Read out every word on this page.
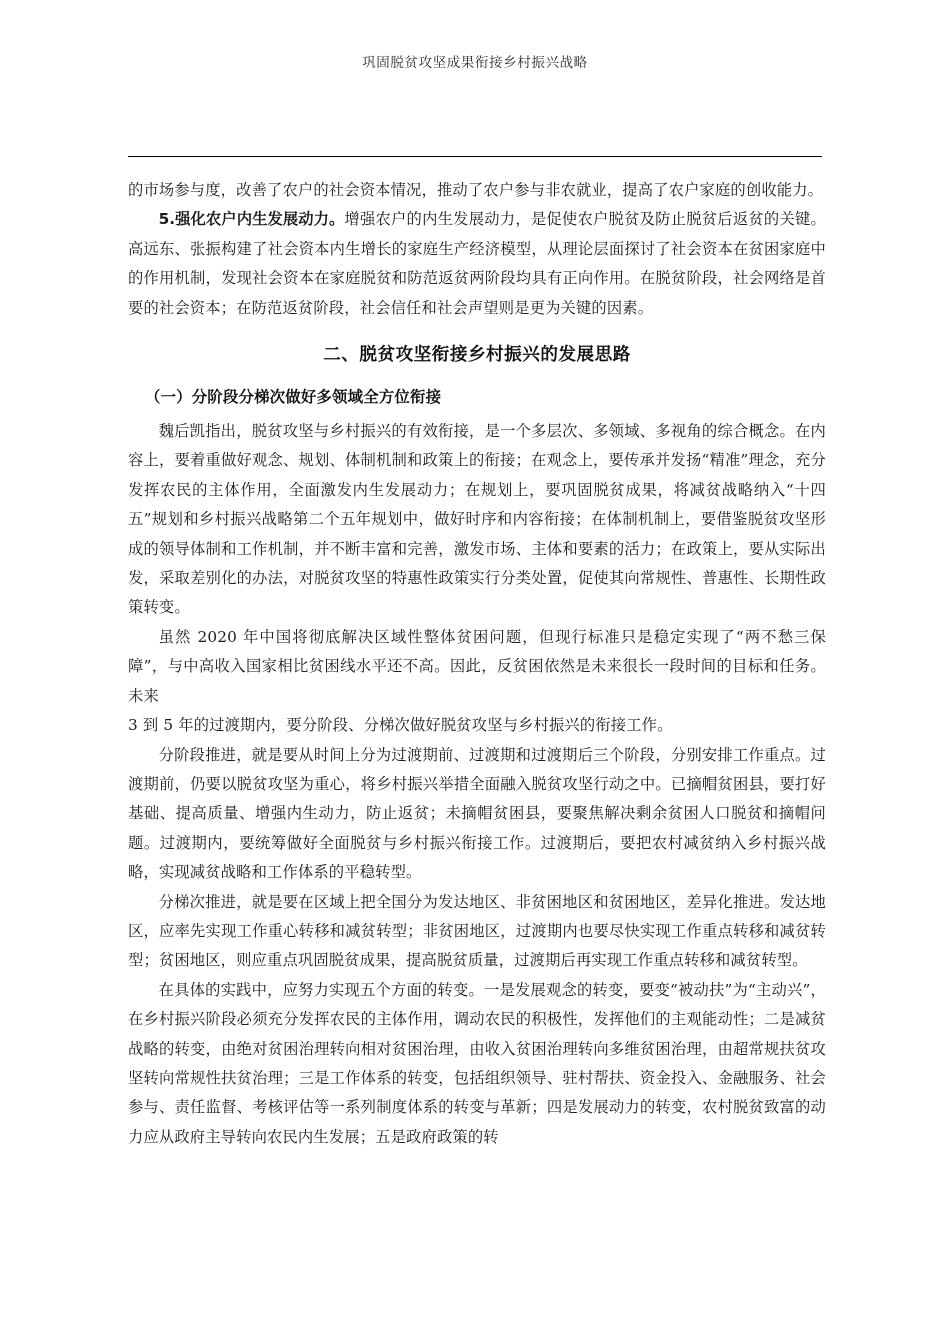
巩固脱贫攻坚成果衔接乡村振兴战略

的市场参与度，改善了农户的社会资本情况，推动了农户参与非农就业，提高了农户家庭的创收能力。

5.强化农户内生发展动力。增强农户的内生发展动力，是促使农户脱贫及防止脱贫后返贫的关键。高远东、张振构建了社会资本内生增长的家庭生产经济模型，从理论层面探讨了社会资本在贫困家庭中的作用机制，发现社会资本在家庭脱贫和防范返贫两阶段均具有正向作用。在脱贫阶段，社会网络是首要的社会资本；在防范返贫阶段，社会信任和社会声望则是更为关键的因素。

二、脱贫攻坚衔接乡村振兴的发展思路
（一）分阶段分梯次做好多领域全方位衔接

魏后凯指出，脱贫攻坚与乡村振兴的有效衔接，是一个多层次、多领域、多视角的综合概念。在内容上，要着重做好观念、规划、体制机制和政策上的衔接；在观念上，要传承并发扬“精准”理念，充分发挥农民的主体作用，全面激发内生发展动力；在规划上，要巩固脱贫成果，将减贫战略纳入“十四五”规划和乡村振兴战略第二个五年规划中，做好时序和内容衔接；在体制机制上，要借鉴脱贫攻坚形成的领导体制和工作机制，并不断丰富和完善，激发市场、主体和要素的活力；在政策上，要从实际出发，采取差别化的办法，对脱贫攻坚的特惠性政策实行分类处置，促使其向常规性、普惠性、长期性政策转变。

虽然 2020 年中国将彻底解决区域性整体贫困问题，但现行标准只是稳定实现了“两不愁三保障”，与中高收入国家相比贫困线水平还不高。因此，反贫困依然是未来很长一段时间的目标和任务。未来

3 到 5 年的过渡期内，要分阶段、分梯次做好脱贫攻坚与乡村振兴的衔接工作。

分阶段推进，就是要从时间上分为过渡期前、过渡期和过渡期后三个阶段，分别安排工作重点。过渡期前，仍要以脱贫攻坚为重心，将乡村振兴举措全面融入脱贫攻坚行动之中。已摘帽贫困县，要打好基础、提高质量、增强内生动力，防止返贫；未摘帽贫困县，要聚焦解决剩余贫困人口脱贫和摘帽问题。过渡期内，要统筹做好全面脱贫与乡村振兴衔接工作。过渡期后，要把农村减贫纳入乡村振兴战略，实现减贫战略和工作体系的平稳转型。

分梯次推进，就是要在区域上把全国分为发达地区、非贫困地区和贫困地区，差异化推进。发达地区，应率先实现工作重心转移和减贫转型；非贫困地区，过渡期内也要尽快实现工作重点转移和减贫转型；贫困地区，则应重点巩固脱贫成果，提高脱贫质量，过渡期后再实现工作重点转移和减贫转型。

在具体的实践中，应努力实现五个方面的转变。一是发展观念的转变，要变“被动扶”为“主动兴”，在乡村振兴阶段必须充分发挥农民的主体作用，调动农民的积极性，发挥他们的主观能动性；二是减贫战略的转变，由绝对贫困治理转向相对贫困治理，由收入贫困治理转向多维贫困治理，由超常规扶贫攻坚转向常规性扶贫治理；三是工作体系的转变，包括组织领导、驻村帮扶、资金投入、金融服务、社会参与、责任监督、考核评估等一系列制度体系的转变与革新；四是发展动力的转变，农村脱贫致富的动力应从政府主导转向农民内生发展；五是政府政策的转
